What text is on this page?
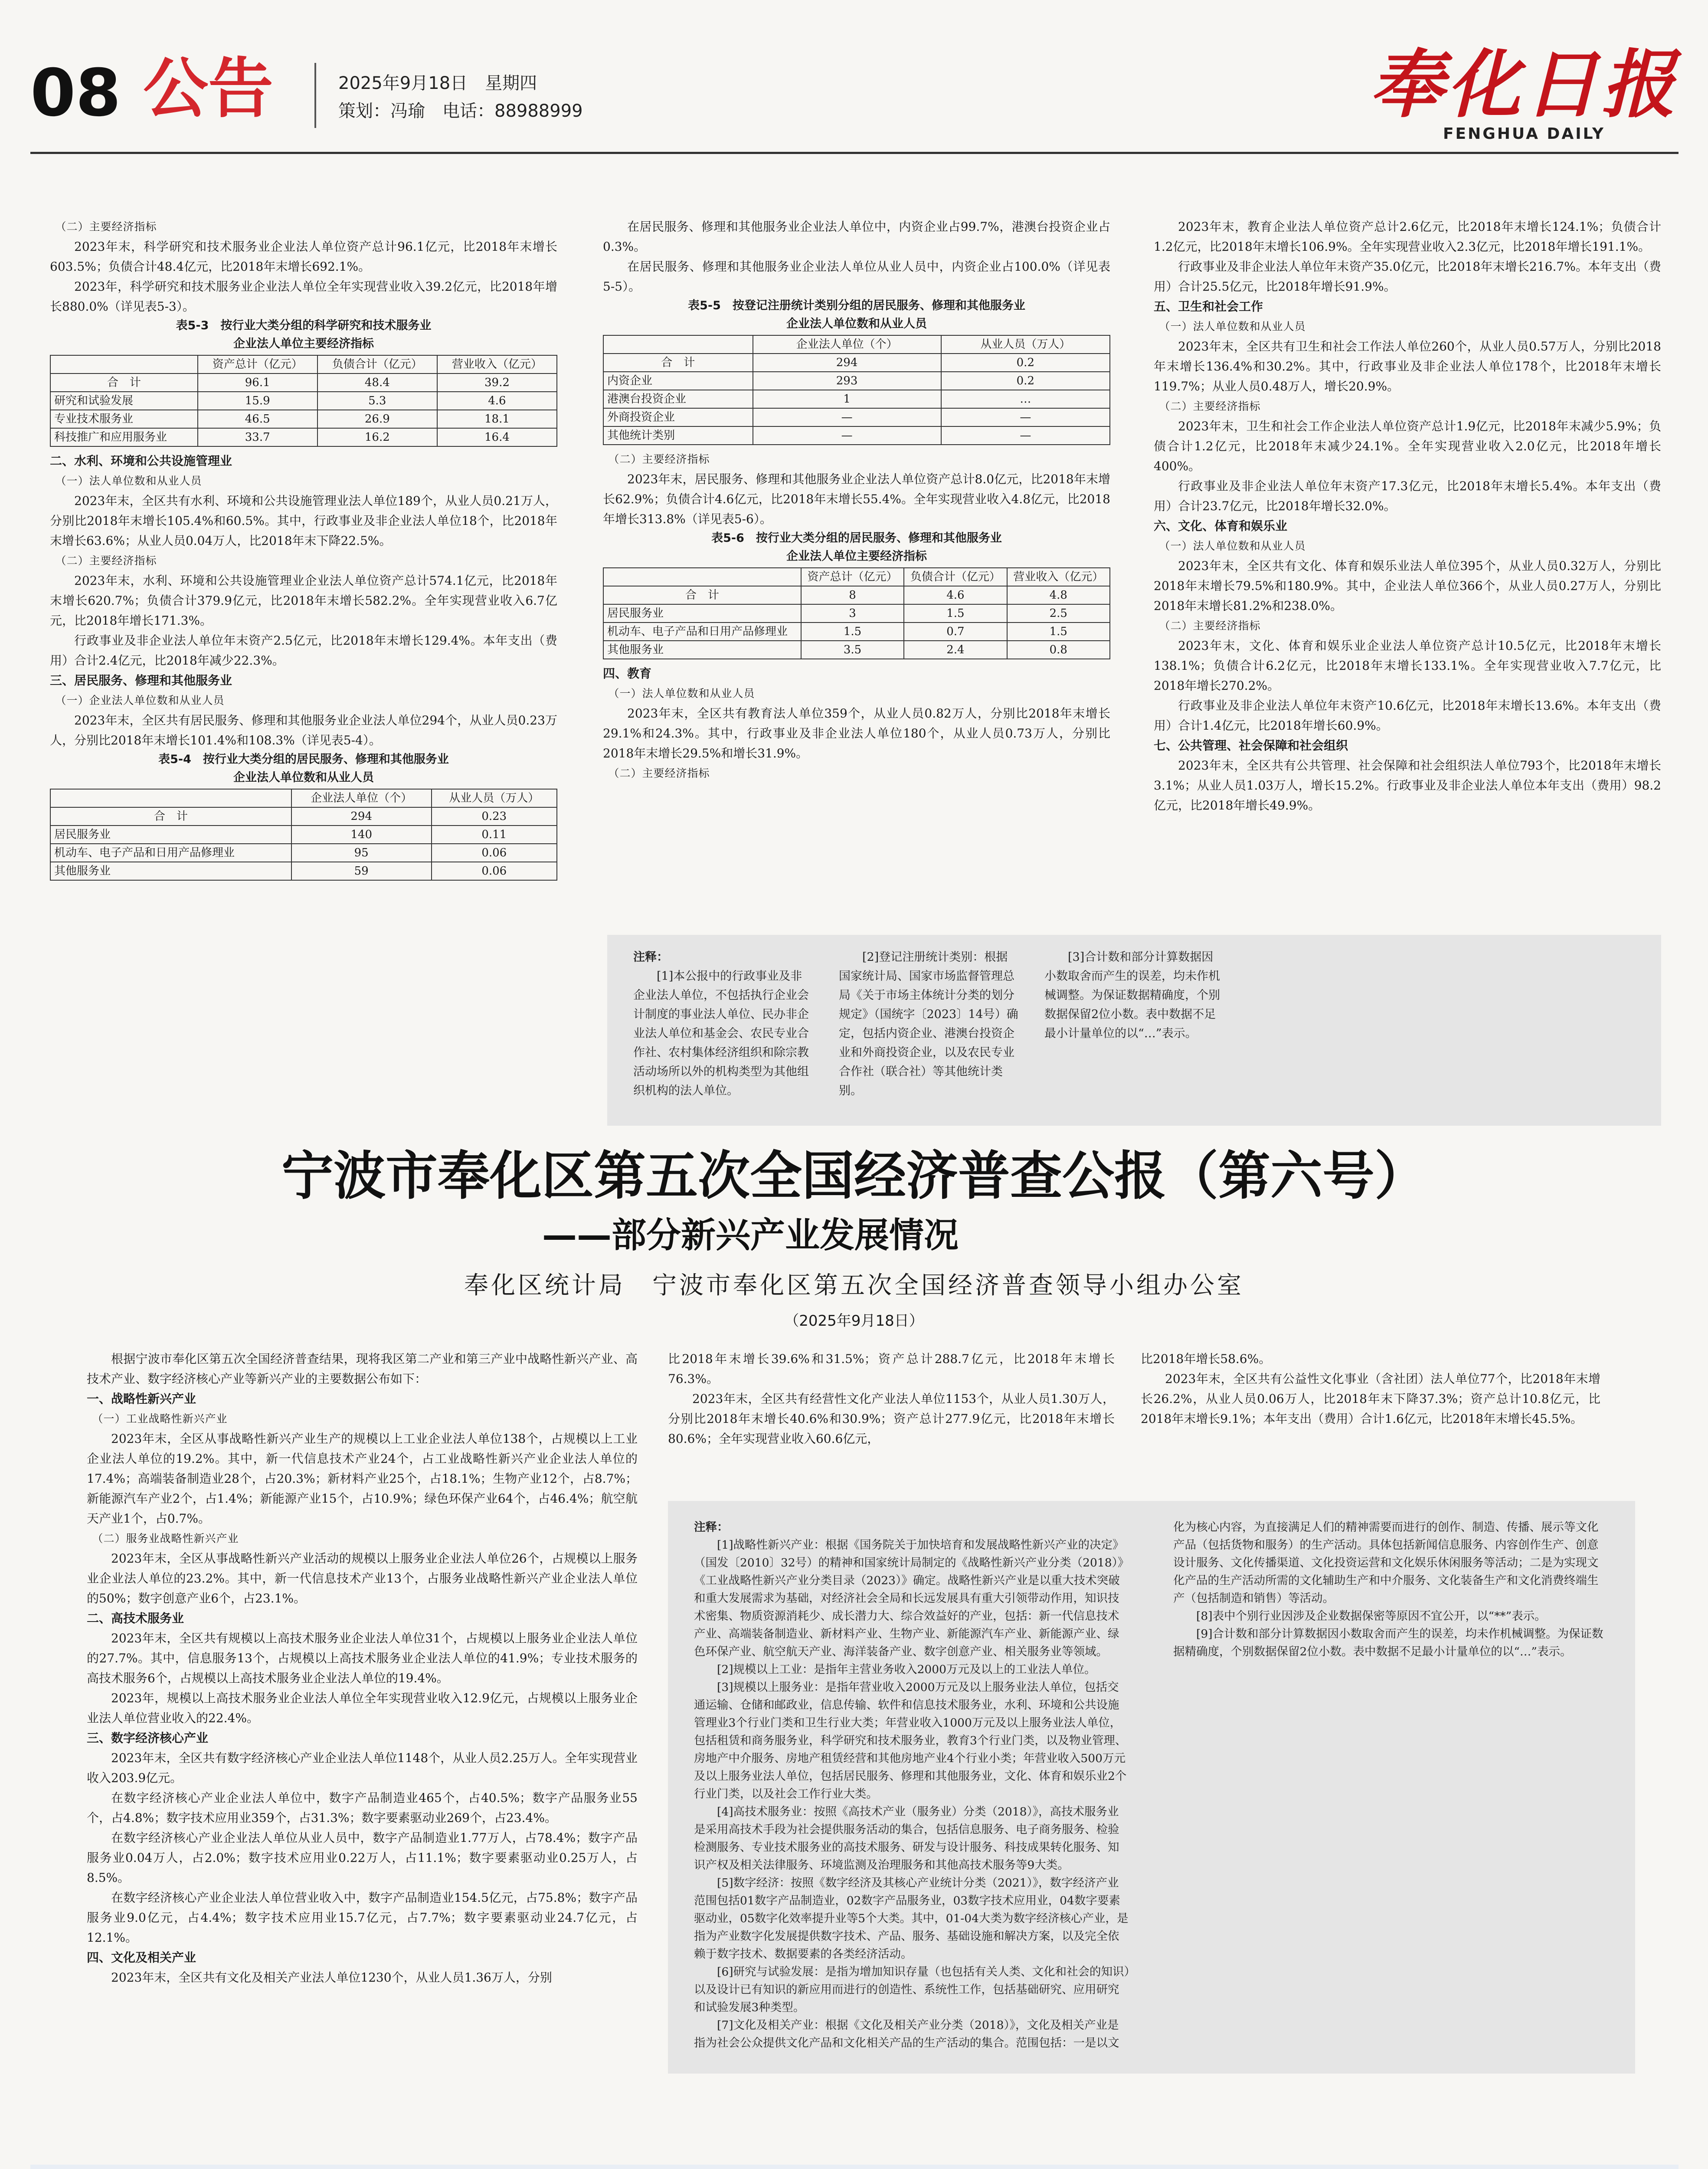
08 公告	2025年9月18日　星期四
策划：冯瑜　电话：88988999	奉化日报
FENGHUA DAILY

（二）主要经济指标

2023年末，科学研究和技术服务业企业法人单位资产总计96.1亿元，比2018年末增长603.5%；负债合计48.4亿元，比2018年末增长692.1%。

2023年，科学研究和技术服务业企业法人单位全年实现营业收入39.2亿元，比2018年增长880.0%（详见表5-3）。

表5-3　按行业大类分组的科学研究和技术服务业
企业法人单位主要经济指标
	资产总计（亿元）	负债合计（亿元）	营业收入（亿元）
合　计	96.1	48.4	39.2
研究和试验发展	15.9	5.3	4.6
专业技术服务业	46.5	26.9	18.1
科技推广和应用服务业	33.7	16.2	16.4

二、水利、环境和公共设施管理业

（一）法人单位数和从业人员

2023年末，全区共有水利、环境和公共设施管理业法人单位189个，从业人员0.21万人，分别比2018年末增长105.4%和60.5%。其中，行政事业及非企业法人单位18个，比2018年末增长63.6%；从业人员0.04万人，比2018年末下降22.5%。

（二）主要经济指标

2023年末，水利、环境和公共设施管理业企业法人单位资产总计574.1亿元，比2018年末增长620.7%；负债合计379.9亿元，比2018年末增长582.2%。全年实现营业收入6.7亿元，比2018年增长171.3%。

行政事业及非企业法人单位年末资产2.5亿元，比2018年末增长129.4%。本年支出（费用）合计2.4亿元，比2018年减少22.3%。

三、居民服务、修理和其他服务业

（一）企业法人单位数和从业人员

2023年末，全区共有居民服务、修理和其他服务业企业法人单位294个，从业人员0.23万人，分别比2018年末增长101.4%和108.3%（详见表5-4）。

表5-4　按行业大类分组的居民服务、修理和其他服务业
企业法人单位数和从业人员
	企业法人单位（个）	从业人员（万人）
合　计	294	0.23
居民服务业	140	0.11
机动车、电子产品和日用产品修理业	95	0.06
其他服务业	59	0.06

在居民服务、修理和其他服务业企业法人单位中，内资企业占99.7%，港澳台投资企业占0.3%。

在居民服务、修理和其他服务业企业法人单位从业人员中，内资企业占100.0%（详见表5-5）。

表5-5　按登记注册统计类别分组的居民服务、修理和其他服务业
企业法人单位数和从业人员
	企业法人单位（个）	从业人员（万人）
合　计	294	0.2
内资企业	293	0.2
港澳台投资企业	1	…
外商投资企业	—	—
其他统计类别	—	—

（二）主要经济指标

2023年末，居民服务、修理和其他服务业企业法人单位资产总计8.0亿元，比2018年末增长62.9%；负债合计4.6亿元，比2018年末增长55.4%。全年实现营业收入4.8亿元，比2018年增长313.8%（详见表5-6）。

表5-6　按行业大类分组的居民服务、修理和其他服务业
企业法人单位主要经济指标
	资产总计（亿元）	负债合计（亿元）	营业收入（亿元）
合　计	8	4.6	4.8
居民服务业	3	1.5	2.5
机动车、电子产品和日用产品修理业	1.5	0.7	1.5
其他服务业	3.5	2.4	0.8

四、教育

（一）法人单位数和从业人员

2023年末，全区共有教育法人单位359个，从业人员0.82万人，分别比2018年末增长29.1%和24.3%。其中，行政事业及非企业法人单位180个，从业人员0.73万人，分别比2018年末增长29.5%和增长31.9%。

（二）主要经济指标

2023年末，教育企业法人单位资产总计2.6亿元，比2018年末增长124.1%；负债合计1.2亿元，比2018年末增长106.9%。全年实现营业收入2.3亿元，比2018年增长191.1%。

行政事业及非企业法人单位年末资产35.0亿元，比2018年末增长216.7%。本年支出（费用）合计25.5亿元，比2018年增长91.9%。

五、卫生和社会工作

（一）法人单位数和从业人员

2023年末，全区共有卫生和社会工作法人单位260个，从业人员0.57万人，分别比2018年末增长136.4%和30.2%。其中，行政事业及非企业法人单位178个，比2018年末增长119.7%；从业人员0.48万人，增长20.9%。

（二）主要经济指标

2023年末，卫生和社会工作企业法人单位资产总计1.9亿元，比2018年末减少5.9%；负债合计1.2亿元，比2018年末减少24.1%。全年实现营业收入2.0亿元，比2018年增长400%。

行政事业及非企业法人单位年末资产17.3亿元，比2018年末增长5.4%。本年支出（费用）合计23.7亿元，比2018年增长32.0%。

六、文化、体育和娱乐业

（一）法人单位数和从业人员

2023年末，全区共有文化、体育和娱乐业法人单位395个，从业人员0.32万人，分别比2018年末增长79.5%和180.9%。其中，企业法人单位366个，从业人员0.27万人，分别比2018年末增长81.2%和238.0%。

（二）主要经济指标

2023年末，文化、体育和娱乐业企业法人单位资产总计10.5亿元，比2018年末增长138.1%；负债合计6.2亿元，比2018年末增长133.1%。全年实现营业收入7.7亿元，比2018年增长270.2%。

行政事业及非企业法人单位年末资产10.6亿元，比2018年末增长13.6%。本年支出（费用）合计1.4亿元，比2018年增长60.9%。

七、公共管理、社会保障和社会组织

2023年末，全区共有公共管理、社会保障和社会组织法人单位793个，比2018年末增长3.1%；从业人员1.03万人，增长15.2%。行政事业及非企业法人单位本年支出（费用）98.2亿元，比2018年增长49.9%。

注释：

[1]本公报中的行政事业及非企业法人单位，不包括执行企业会计制度的事业法人单位、民办非企业法人单位和基金会、农民专业合作社、农村集体经济组织和除宗教活动场所以外的机构类型为其他组织机构的法人单位。

[2]登记注册统计类别：根据国家统计局、国家市场监督管理总局《关于市场主体统计分类的划分规定》（国统字〔2023〕14号）确定，包括内资企业、港澳台投资企业和外商投资企业，以及农民专业合作社（联合社）等其他统计类别。

[3]合计数和部分计算数据因小数取舍而产生的误差，均未作机械调整。为保证数据精确度，个别数据保留2位小数。表中数据不足最小计量单位的以“…”表示。

宁波市奉化区第五次全国经济普查公报（第六号）
——部分新兴产业发展情况
奉化区统计局　宁波市奉化区第五次全国经济普查领导小组办公室
（2025年9月18日）

根据宁波市奉化区第五次全国经济普查结果，现将我区第二产业和第三产业中战略性新兴产业、高技术产业、数字经济核心产业等新兴产业的主要数据公布如下：

一、战略性新兴产业

（一）工业战略性新兴产业

2023年末，全区从事战略性新兴产业生产的规模以上工业企业法人单位138个，占规模以上工业企业法人单位的19.2%。其中，新一代信息技术产业24个，占工业战略性新兴产业企业法人单位的17.4%；高端装备制造业28个，占20.3%；新材料产业25个，占18.1%；生物产业12个，占8.7%；新能源汽车产业2个，占1.4%；新能源产业15个，占10.9%；绿色环保产业64个，占46.4%；航空航天产业1个，占0.7%。

（二）服务业战略性新兴产业

2023年末，全区从事战略性新兴产业活动的规模以上服务业企业法人单位26个，占规模以上服务业企业法人单位的23.2%。其中，新一代信息技术产业13个，占服务业战略性新兴产业企业法人单位的50%；数字创意产业6个，占23.1%。

二、高技术服务业

2023年末，全区共有规模以上高技术服务业企业法人单位31个，占规模以上服务业企业法人单位的27.7%。其中，信息服务13个，占规模以上高技术服务业企业法人单位的41.9%；专业技术服务的高技术服务6个，占规模以上高技术服务业企业法人单位的19.4%。

2023年，规模以上高技术服务业企业法人单位全年实现营业收入12.9亿元，占规模以上服务业企业法人单位营业收入的22.4%。

三、数字经济核心产业

2023年末，全区共有数字经济核心产业企业法人单位1148个，从业人员2.25万人。全年实现营业收入203.9亿元。

在数字经济核心产业企业法人单位中，数字产品制造业465个，占40.5%；数字产品服务业55个，占4.8%；数字技术应用业359个，占31.3%；数字要素驱动业269个，占23.4%。

在数字经济核心产业企业法人单位从业人员中，数字产品制造业1.77万人，占78.4%；数字产品服务业0.04万人，占2.0%；数字技术应用业0.22万人，占11.1%；数字要素驱动业0.25万人，占8.5%。

在数字经济核心产业企业法人单位营业收入中，数字产品制造业154.5亿元，占75.8%；数字产品服务业9.0亿元，占4.4%；数字技术应用业15.7亿元，占7.7%；数字要素驱动业24.7亿元，占12.1%。

四、文化及相关产业

2023年末，全区共有文化及相关产业法人单位1230个，从业人员1.36万人，分别

比2018年末增长39.6%和31.5%；资产总计288.7亿元，比2018年末增长76.3%。

2023年末，全区共有经营性文化产业法人单位1153个，从业人员1.30万人，分别比2018年末增长40.6%和30.9%；资产总计277.9亿元，比2018年末增长80.6%；全年实现营业收入60.6亿元，

比2018年增长58.6%。

2023年末，全区共有公益性文化事业（含社团）法人单位77个，比2018年末增长26.2%，从业人员0.06万人，比2018年末下降37.3%；资产总计10.8亿元，比2018年末增长9.1%；本年支出（费用）合计1.6亿元，比2018年末增长45.5%。

注释：

[1]战略性新兴产业：根据《国务院关于加快培育和发展战略性新兴产业的决定》（国发〔2010〕32号）的精神和国家统计局制定的《战略性新兴产业分类（2018）》《工业战略性新兴产业分类目录（2023）》确定。战略性新兴产业是以重大技术突破和重大发展需求为基础，对经济社会全局和长远发展具有重大引领带动作用，知识技术密集、物质资源消耗少、成长潜力大、综合效益好的产业，包括：新一代信息技术产业、高端装备制造业、新材料产业、生物产业、新能源汽车产业、新能源产业、绿色环保产业、航空航天产业、海洋装备产业、数字创意产业、相关服务业等领域。

[2]规模以上工业：是指年主营业务收入2000万元及以上的工业法人单位。

[3]规模以上服务业：是指年营业收入2000万元及以上服务业法人单位，包括交通运输、仓储和邮政业，信息传输、软件和信息技术服务业，水利、环境和公共设施管理业3个行业门类和卫生行业大类；年营业收入1000万元及以上服务业法人单位，包括租赁和商务服务业，科学研究和技术服务业，教育3个行业门类，以及物业管理、房地产中介服务、房地产租赁经营和其他房地产业4个行业小类；年营业收入500万元及以上服务业法人单位，包括居民服务、修理和其他服务业，文化、体育和娱乐业2个行业门类，以及社会工作行业大类。

[4]高技术服务业：按照《高技术产业（服务业）分类（2018）》，高技术服务业是采用高技术手段为社会提供服务活动的集合，包括信息服务、电子商务服务、检验检测服务、专业技术服务业的高技术服务、研发与设计服务、科技成果转化服务、知识产权及相关法律服务、环境监测及治理服务和其他高技术服务等9大类。

[5]数字经济：按照《数字经济及其核心产业统计分类（2021）》，数字经济产业范围包括01数字产品制造业，02数字产品服务业，03数字技术应用业，04数字要素驱动业，05数字化效率提升业等5个大类。其中，01-04大类为数字经济核心产业，是指为产业数字化发展提供数字技术、产品、服务、基础设施和解决方案，以及完全依赖于数字技术、数据要素的各类经济活动。

[6]研究与试验发展：是指为增加知识存量（也包括有关人类、文化和社会的知识）以及设计已有知识的新应用而进行的创造性、系统性工作，包括基础研究、应用研究和试验发展3种类型。

[7]文化及相关产业：根据《文化及相关产业分类（2018）》，文化及相关产业是指为社会公众提供文化产品和文化相关产品的生产活动的集合。范围包括：一是以文化为核心内容，为直接满足人们的精神需要而进行的创作、制造、传播、展示等文化产品（包括货物和服务）的生产活动。具体包括新闻信息服务、内容创作生产、创意设计服务、文化传播渠道、文化投资运营和文化娱乐休闲服务等活动；二是为实现文化产品的生产活动所需的文化辅助生产和中介服务、文化装备生产和文化消费终端生产（包括制造和销售）等活动。

[8]表中个别行业因涉及企业数据保密等原因不宜公开，以“**”表示。

[9]合计数和部分计算数据因小数取舍而产生的误差，均未作机械调整。为保证数据精确度，个别数据保留2位小数。表中数据不足最小计量单位的以“…”表示。
